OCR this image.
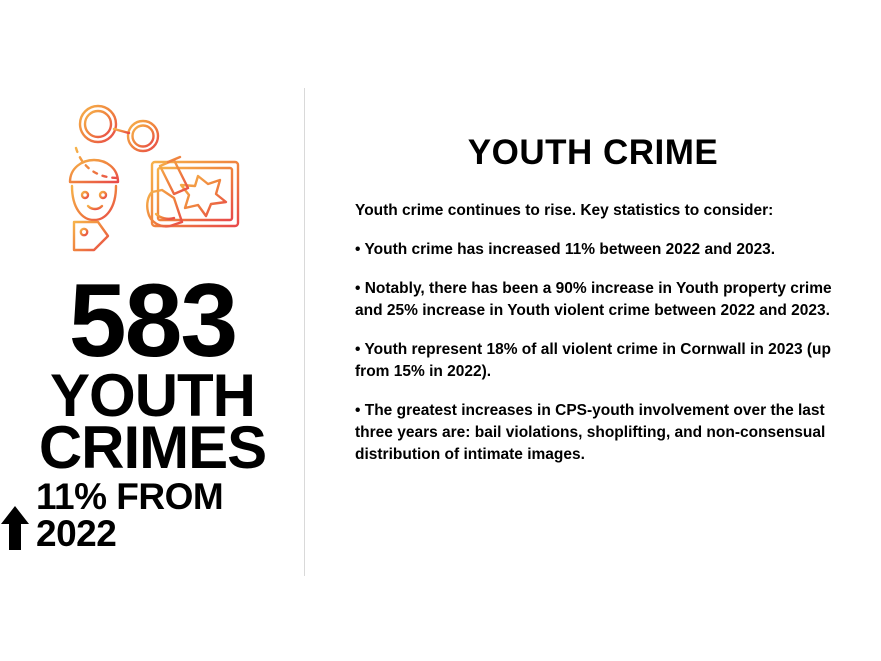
583
YOUTH
CRIMES
11% FROM 2022
YOUTH CRIME

Youth crime continues to rise. Key statistics to consider:

• Youth crime has increased 11% between 2022 and 2023.

• Notably, there has been a 90% increase in Youth property crime and 25% increase in Youth violent crime between 2022 and 2023.

• Youth represent 18% of all violent crime in Cornwall in 2023 (up from 15% in 2022).

• The greatest increases in CPS-youth involvement over the last three years are: bail violations, shoplifting, and non-consensual distribution of intimate images.
